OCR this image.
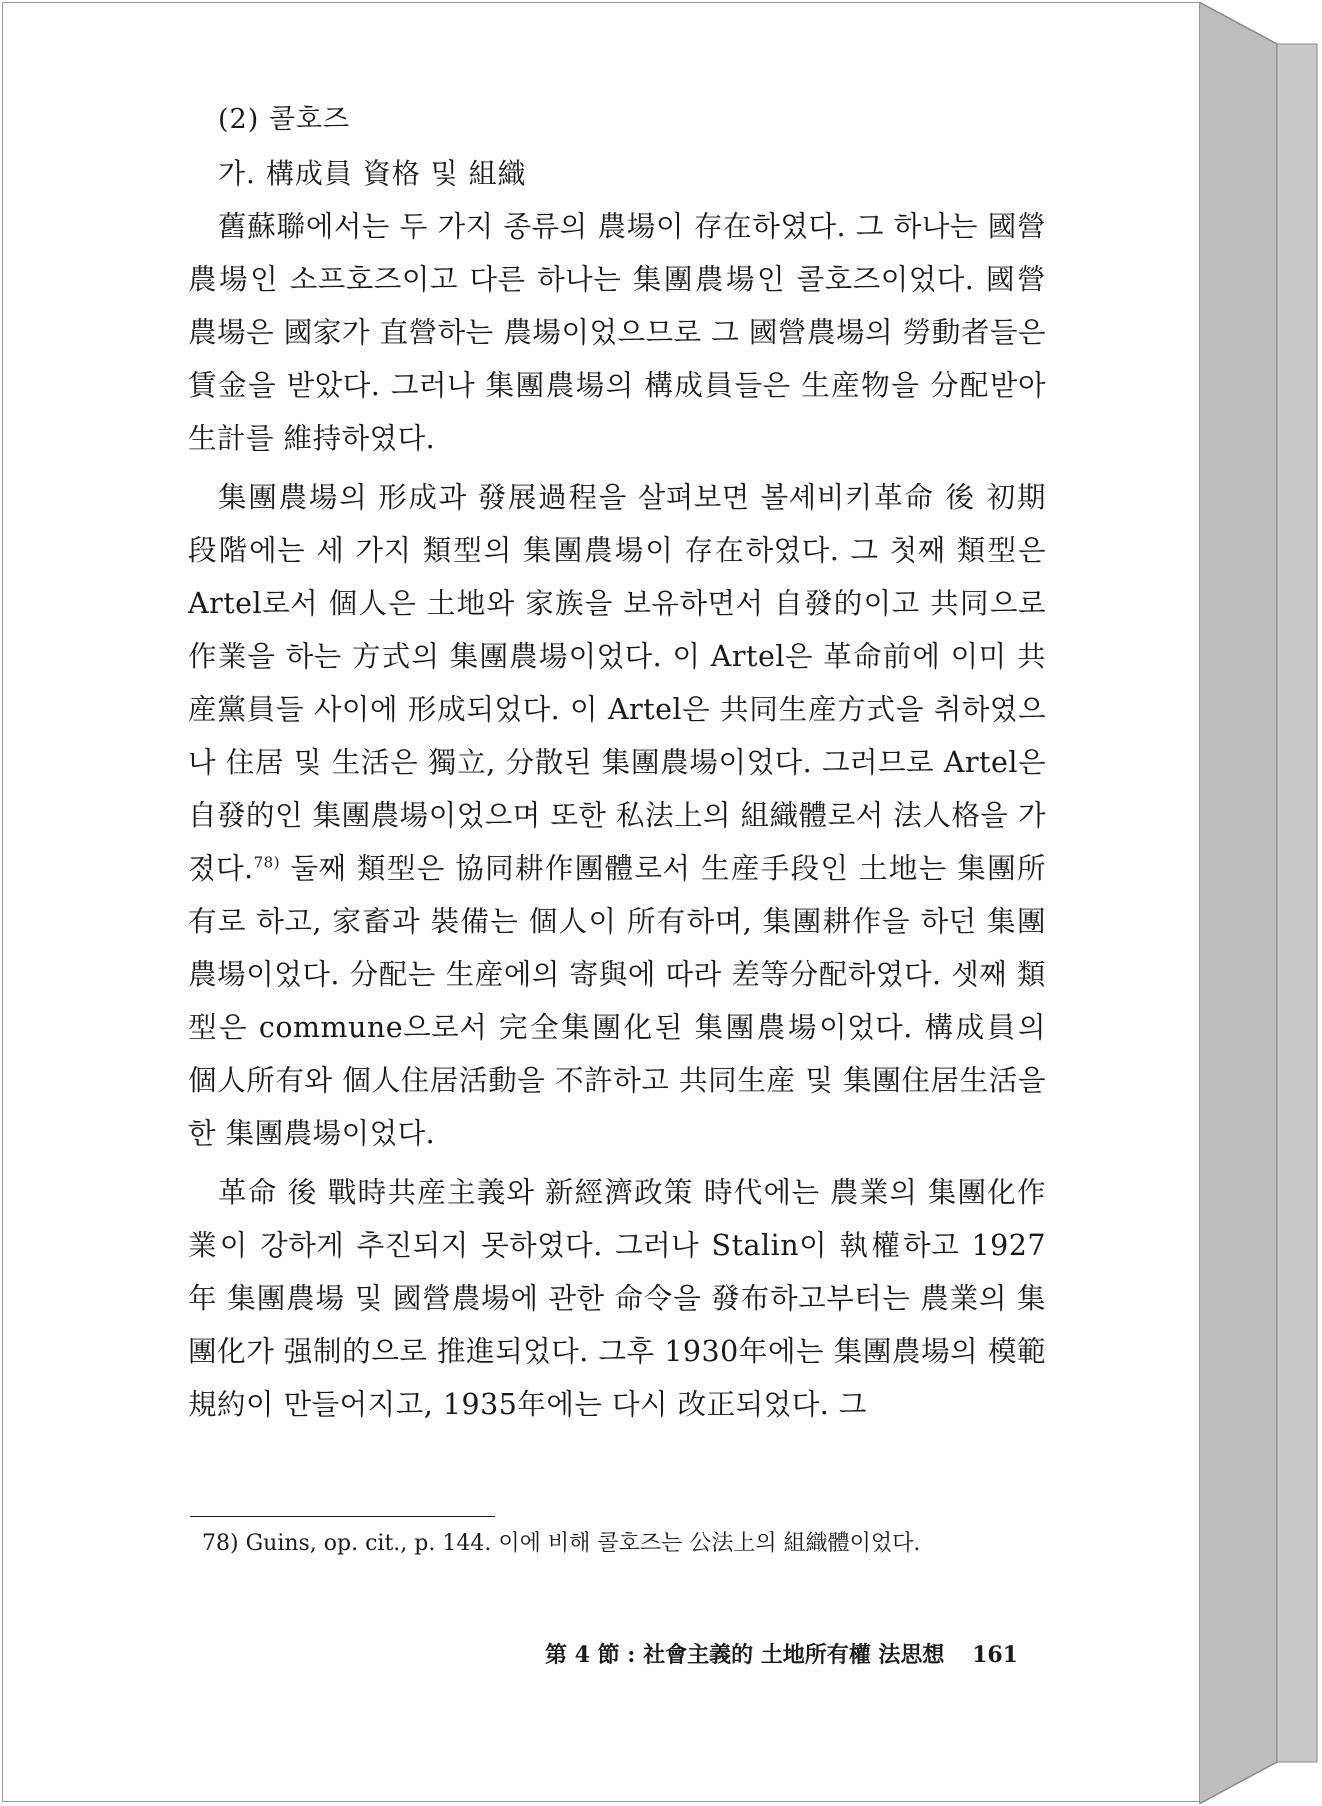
(2) 콜호즈
가. 構成員 資格 및 組織

舊蘇聯에서는 두 가지 종류의 農場이 存在하였다. 그 하나는 國營農場인 소프호즈이고 다른 하나는 集團農場인 콜호즈이었다. 國營農場은 國家가 直營하는 農場이었으므로 그 國營農場의 勞動者들은 賃金을 받았다. 그러나 集團農場의 構成員들은 生産物을 分配받아 生計를 維持하였다.

集團農場의 形成과 發展過程을 살펴보면 볼셰비키革命 後 初期段階에는 세 가지 類型의 集團農場이 存在하였다. 그 첫째 類型은 Artel로서 個人은 土地와 家族을 보유하면서 自發的이고 共同으로 作業을 하는 方式의 集團農場이었다. 이 Artel은 革命前에 이미 共産黨員들 사이에 形成되었다. 이 Artel은 共同生産方式을 취하였으나 住居 및 生活은 獨立, 分散된 集團農場이었다. 그러므로 Artel은 自發的인 集團農場이었으며 또한 私法上의 組織體로서 法人格을 가졌다.$^{78)}$ 둘째 類型은 協同耕作團體로서 生産手段인 土地는 集團所有로 하고, 家畜과 裝備는 個人이 所有하며, 集團耕作을 하던 集團農場이었다. 分配는 生産에의 寄與에 따라 差等分配하였다. 셋째 類型은 commune으로서 完全集團化된 集團農場이었다. 構成員의 個人所有와 個人住居活動을 不許하고 共同生産 및 集團住居生活을 한 集團農場이었다.

革命 後 戰時共産主義와 新經濟政策 時代에는 農業의 集團化作業이 강하게 추진되지 못하였다. 그러나 Stalin이 執權하고 1927年 集團農場 및 國營農場에 관한 命令을 發布하고부터는 農業의 集團化가 强制的으로 推進되었다. 그후 1930年에는 集團農場의 模範規約이 만들어지고, 1935年에는 다시 改正되었다. 그

78) Guins, op. cit., p. 144. 이에 비해 콜호즈는 公法上의 組織體이었다.
第 4 節 : 社會主義的 土地所有權 法思想 161
